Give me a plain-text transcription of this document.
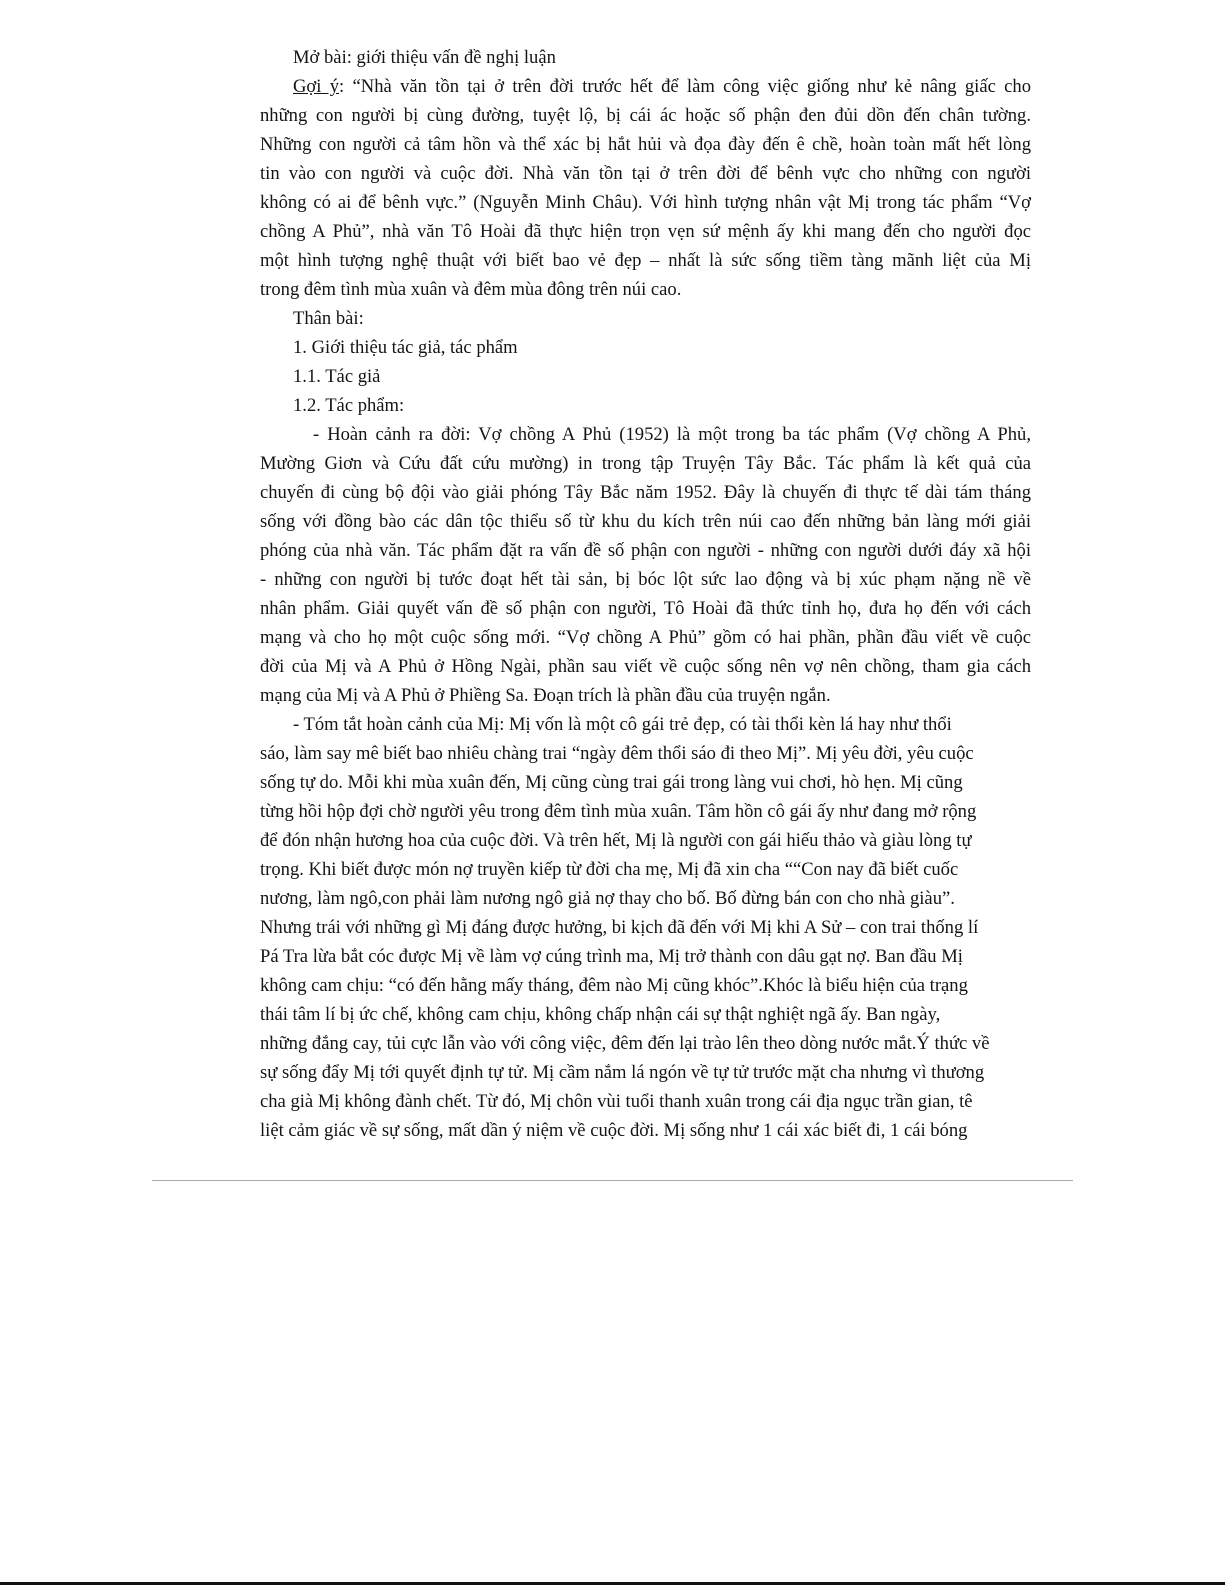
Mở bài: giới thiệu vấn đề nghị luận

Gợi ý: “Nhà văn tồn tại ở trên đời trước hết để làm công việc giống như kẻ nâng giấc cho

những con người bị cùng đường, tuyệt lộ, bị cái ác hoặc số phận đen đủi dồn đến chân tường.

Những con người cả tâm hồn và thể xác bị hắt hủi và đọa đày đến ê chề, hoàn toàn mất hết lòng

tin vào con người và cuộc đời. Nhà văn tồn tại ở trên đời để bênh vực cho những con người

không có ai để bênh vực.” (Nguyễn Minh Châu). Với hình tượng nhân vật Mị trong tác phẩm “Vợ

chồng A Phủ”, nhà văn Tô Hoài đã thực hiện trọn vẹn sứ mệnh ấy khi mang đến cho người đọc

một hình tượng nghệ thuật với biết bao vẻ đẹp – nhất là sức sống tiềm tàng mãnh liệt của Mị

trong đêm tình mùa xuân và đêm mùa đông trên núi cao.

Thân bài:

1. Giới thiệu tác giả, tác phẩm

1.1. Tác giả

1.2. Tác phẩm:

- Hoàn cảnh ra đời: Vợ chồng A Phủ (1952) là một trong ba tác phẩm (Vợ chồng A Phủ,

Mường Giơn và Cứu đất cứu mường) in trong tập Truyện Tây Bắc. Tác phẩm là kết quả của

chuyến đi cùng bộ đội vào giải phóng Tây Bắc năm 1952. Đây là chuyến đi thực tế dài tám tháng

sống với đồng bào các dân tộc thiểu số từ khu du kích trên núi cao đến những bản làng mới giải

phóng của nhà văn. Tác phẩm đặt ra vấn đề số phận con người - những con người dưới đáy xã hội

- những con người bị tước đoạt hết tài sản, bị bóc lột sức lao động và bị xúc phạm nặng nề về

nhân phẩm. Giải quyết vấn đề số phận con người, Tô Hoài đã thức tỉnh họ, đưa họ đến với cách

mạng và cho họ một cuộc sống mới. “Vợ chồng A Phủ” gồm có hai phần, phần đầu viết về cuộc

đời của Mị và A Phủ ở Hồng Ngài, phần sau viết về cuộc sống nên vợ nên chồng, tham gia cách

mạng của Mị và A Phủ ở Phiềng Sa. Đoạn trích là phần đầu của truyện ngắn.

- Tóm tắt hoàn cảnh của Mị: Mị vốn là một cô gái trẻ đẹp, có tài thổi kèn lá hay như thổi

sáo, làm say mê biết bao nhiêu chàng trai “ngày đêm thổi sáo đi theo Mị”. Mị yêu đời, yêu cuộc

sống tự do. Mỗi khi mùa xuân đến, Mị cũng cùng trai gái trong làng vui chơi, hò hẹn. Mị cũng

từng hồi hộp đợi chờ người yêu trong đêm tình mùa xuân. Tâm hồn cô gái ấy như đang mở rộng

để đón nhận hương hoa của cuộc đời. Và trên hết, Mị là người con gái hiếu thảo và giàu lòng tự

trọng. Khi biết được món nợ truyền kiếp từ đời cha mẹ, Mị đã xin cha ““Con nay đã biết cuốc

nương, làm ngô,con phải làm nương ngô giả nợ thay cho bố. Bố đừng bán con cho nhà giàu”.

Nhưng trái với những gì Mị đáng được hưởng, bi kịch đã đến với Mị khi A Sử – con trai thống lí

Pá Tra lừa bắt cóc được Mị về làm vợ cúng trình ma, Mị trở thành con dâu gạt nợ. Ban đầu Mị

không cam chịu: “có đến hằng mấy tháng, đêm nào Mị cũng khóc”.Khóc là biểu hiện của trạng

thái tâm lí bị ức chế, không cam chịu, không chấp nhận cái sự thật nghiệt ngã ấy. Ban ngày,

những đắng cay, tủi cực lẫn vào với công việc, đêm đến lại trào lên theo dòng nước mắt.Ý thức về

sự sống đẩy Mị tới quyết định tự tử. Mị cầm nắm lá ngón về tự tử trước mặt cha nhưng vì thương

cha già Mị không đành chết. Từ đó, Mị chôn vùi tuổi thanh xuân trong cái địa ngục trần gian, tê

liệt cảm giác về sự sống, mất dần ý niệm về cuộc đời. Mị sống như 1 cái xác biết đi, 1 cái bóng
